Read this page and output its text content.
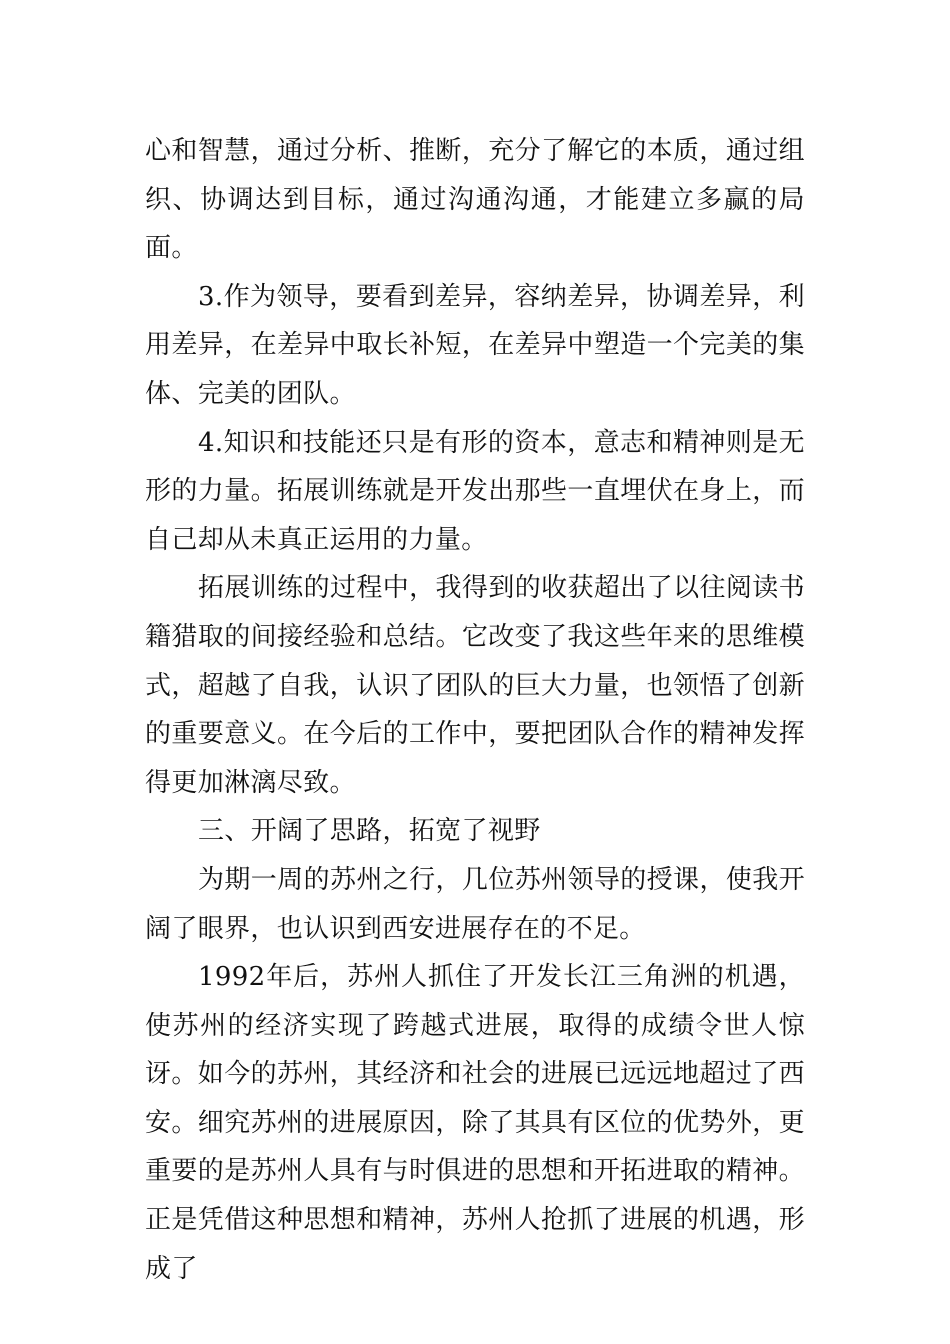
心和智慧，通过分析、推断，充分了解它的本质，通过组织、协调达到目标，通过沟通沟通，才能建立多赢的局面。

3.作为领导，要看到差异，容纳差异，协调差异，利用差异，在差异中取长补短，在差异中塑造一个完美的集体、完美的团队。

4.知识和技能还只是有形的资本，意志和精神则是无形的力量。拓展训练就是开发出那些一直埋伏在身上，而自己却从未真正运用的力量。

拓展训练的过程中，我得到的收获超出了以往阅读书籍猎取的间接经验和总结。它改变了我这些年来的思维模式，超越了自我，认识了团队的巨大力量，也领悟了创新的重要意义。在今后的工作中，要把团队合作的精神发挥得更加淋漓尽致。

三、开阔了思路，拓宽了视野

为期一周的苏州之行，几位苏州领导的授课，使我开阔了眼界，也认识到西安进展存在的不足。

1992年后，苏州人抓住了开发长江三角洲的机遇，使苏州的经济实现了跨越式进展，取得的成绩令世人惊讶。如今的苏州，其经济和社会的进展已远远地超过了西安。细究苏州的进展原因，除了其具有区位的优势外，更重要的是苏州人具有与时俱进的思想和开拓进取的精神。正是凭借这种思想和精神，苏州人抢抓了进展的机遇，形成了
